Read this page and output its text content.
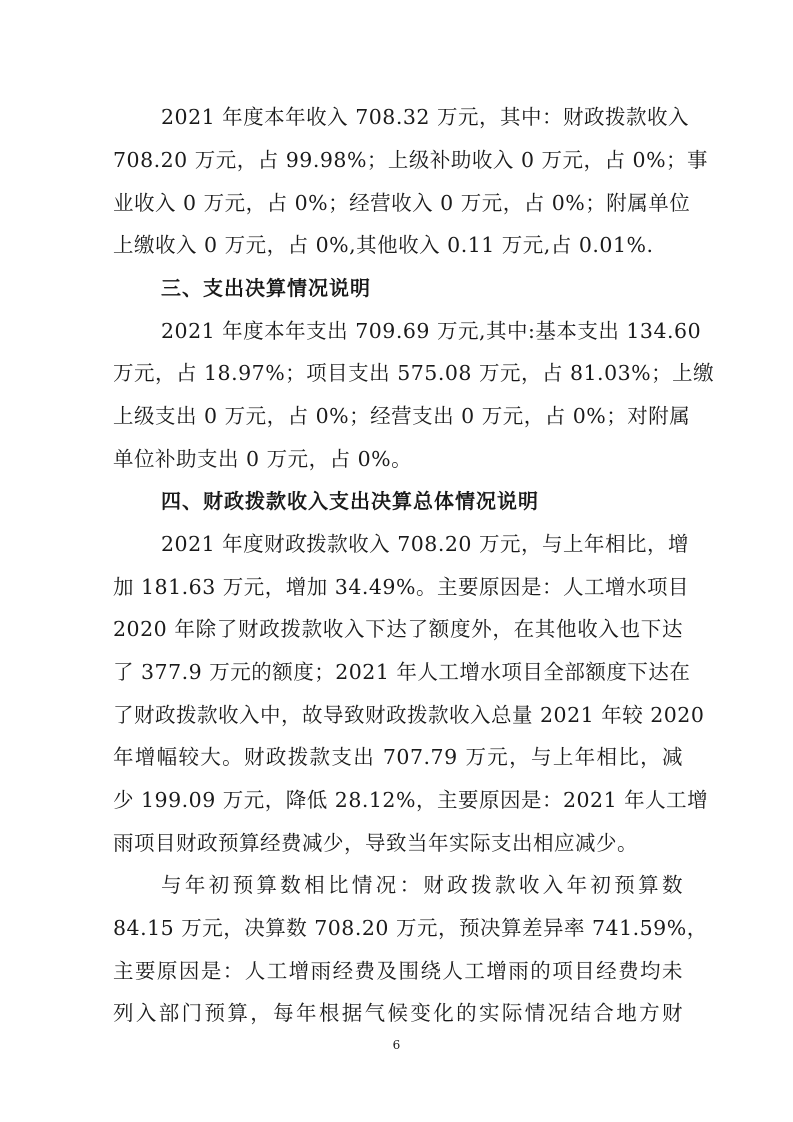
2021 年度本年收入 708.32 万元，其中：财政拨款收入
708.20 万元，占 99.98%；上级补助收入 0 万元，占 0%；事
业收入 0 万元，占 0%；经营收入 0 万元，占 0%；附属单位
上缴收入 0 万元，占 0%,其他收入 0.11 万元,占 0.01%.
三、支出决算情况说明
2021 年度本年支出 709.69 万元,其中:基本支出 134.60
万元，占 18.97%；项目支出 575.08 万元，占 81.03%；上缴
上级支出 0 万元，占 0%；经营支出 0 万元，占 0%；对附属
单位补助支出 0 万元，占 0%。
四、财政拨款收入支出决算总体情况说明
2021 年度财政拨款收入 708.20 万元，与上年相比，增
加 181.63 万元，增加 34.49%。主要原因是：人工增水项目
2020 年除了财政拨款收入下达了额度外，在其他收入也下达
了 377.9 万元的额度；2021 年人工增水项目全部额度下达在
了财政拨款收入中，故导致财政拨款收入总量 2021 年较 2020
年增幅较大。财政拨款支出 707.79 万元，与上年相比，减
少 199.09 万元，降低 28.12%，主要原因是：2021 年人工增
雨项目财政预算经费减少，导致当年实际支出相应减少。
与年初预算数相比情况：财政拨款收入年初预算数
84.15 万元，决算数 708.20 万元，预决算差异率 741.59%，
主要原因是：人工增雨经费及围绕人工增雨的项目经费均未
列入部门预算，每年根据气候变化的实际情况结合地方财
6
